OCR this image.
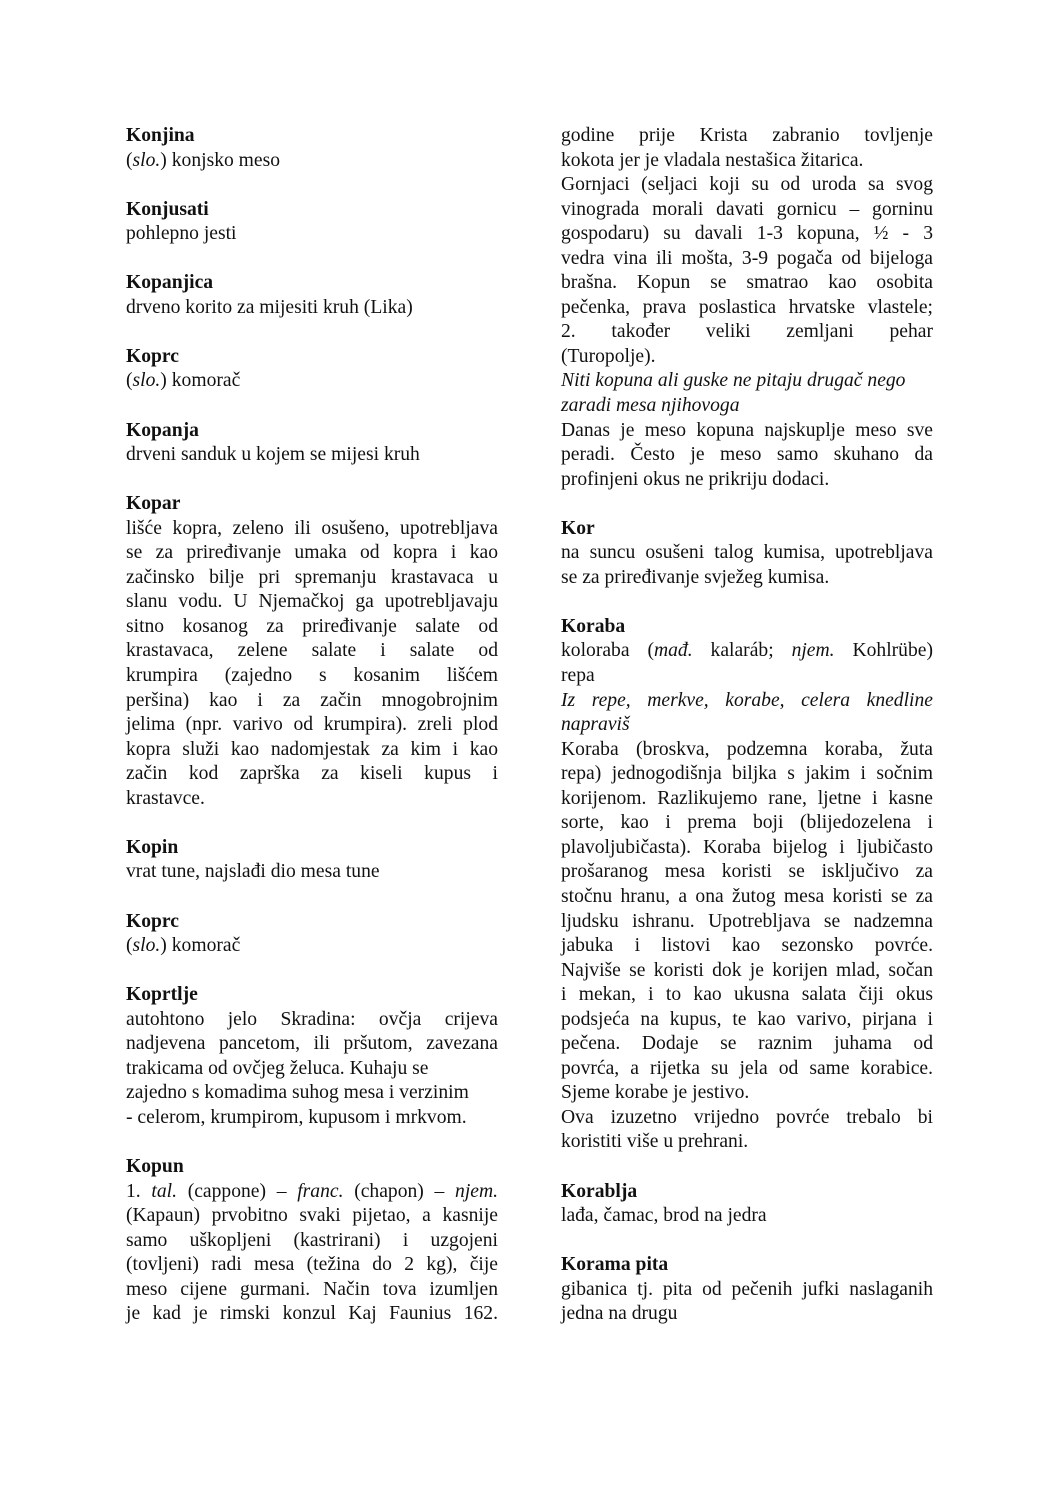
Konjina

(slo.) konjsko meso

Konjusati

pohlepno jesti

Kopanjica

drveno korito za mijesiti kruh (Lika)

Koprc

(slo.) komorač

Kopanja

drveni sanduk u kojem se mijesi kruh

Kopar

lišće kopra, zeleno ili osušeno, upotrebljava

se za priređivanje umaka od kopra i kao

začinsko bilje pri spremanju krastavaca u

slanu vodu. U Njemačkoj ga upotrebljavaju

sitno kosanog za priređivanje salate od

krastavaca, zelene salate i salate od

krumpira (zajedno s kosanim lišćem

peršina) kao i za začin mnogobrojnim

jelima (npr. varivo od krumpira). zreli plod

kopra služi kao nadomjestak za kim i kao

začin kod zaprška za kiseli kupus i

krastavce.

Kopin

vrat tune, najslađi dio mesa tune

Koprc

(slo.) komorač

Koprtlje

autohtono jelo Skradina: ovčja crijeva

nadjevena pancetom, ili pršutom, zavezana

trakicama od ovčjeg želuca. Kuhaju se

zajedno s komadima suhog mesa i verzinim

- celerom, krumpirom, kupusom i mrkvom.

Kopun

1. tal. (cappone) – franc. (chapon) – njem.

(Kapaun) prvobitno svaki pijetao, a kasnije

samo uškopljeni (kastrirani) i uzgojeni

(tovljeni) radi mesa (težina do 2 kg), čije

meso cijene gurmani. Način tova izumljen

je kad je rimski konzul Kaj Faunius 162.

godine prije Krista zabranio tovljenje

kokota jer je vladala nestašica žitarica.

Gornjaci (seljaci koji su od uroda sa svog

vinograda morali davati gornicu – gorninu

gospodaru) su davali 1-3 kopuna, ½ - 3

vedra vina ili mošta, 3-9 pogača od bijeloga

brašna. Kopun se smatrao kao osobita

pečenka, prava poslastica hrvatske vlastele;

2. također veliki zemljani pehar

(Turopolje).

Niti kopuna ali guske ne pitaju drugač nego

zaradi mesa njihovoga

Danas je meso kopuna najskuplje meso sve

peradi. Često je meso samo skuhano da

profinjeni okus ne prikriju dodaci.

Kor

na suncu osušeni talog kumisa, upotrebljava

se za priređivanje svježeg kumisa.

Koraba

koloraba (mađ. kalaráb; njem. Kohlrübe)

repa

Iz repe, merkve, korabe, celera knedline

napraviš

Koraba (broskva, podzemna koraba, žuta

repa) jednogodišnja biljka s jakim i sočnim

korijenom. Razlikujemo rane, ljetne i kasne

sorte, kao i prema boji (blijedozelena i

plavoljubičasta). Koraba bijelog i ljubičasto

prošaranog mesa koristi se isključivo za

stočnu hranu, a ona žutog mesa koristi se za

ljudsku ishranu. Upotrebljava se nadzemna

jabuka i listovi kao sezonsko povrće.

Najviše se koristi dok je korijen mlad, sočan

i mekan, i to kao ukusna salata čiji okus

podsjeća na kupus, te kao varivo, pirjana i

pečena. Dodaje se raznim juhama od

povrća, a rijetka su jela od same korabice.

Sjeme korabe je jestivo.

Ova izuzetno vrijedno povrće trebalo bi

koristiti više u prehrani.

Korablja

lađa, čamac, brod na jedra

Korama pita

gibanica tj. pita od pečenih jufki naslaganih

jedna na drugu
